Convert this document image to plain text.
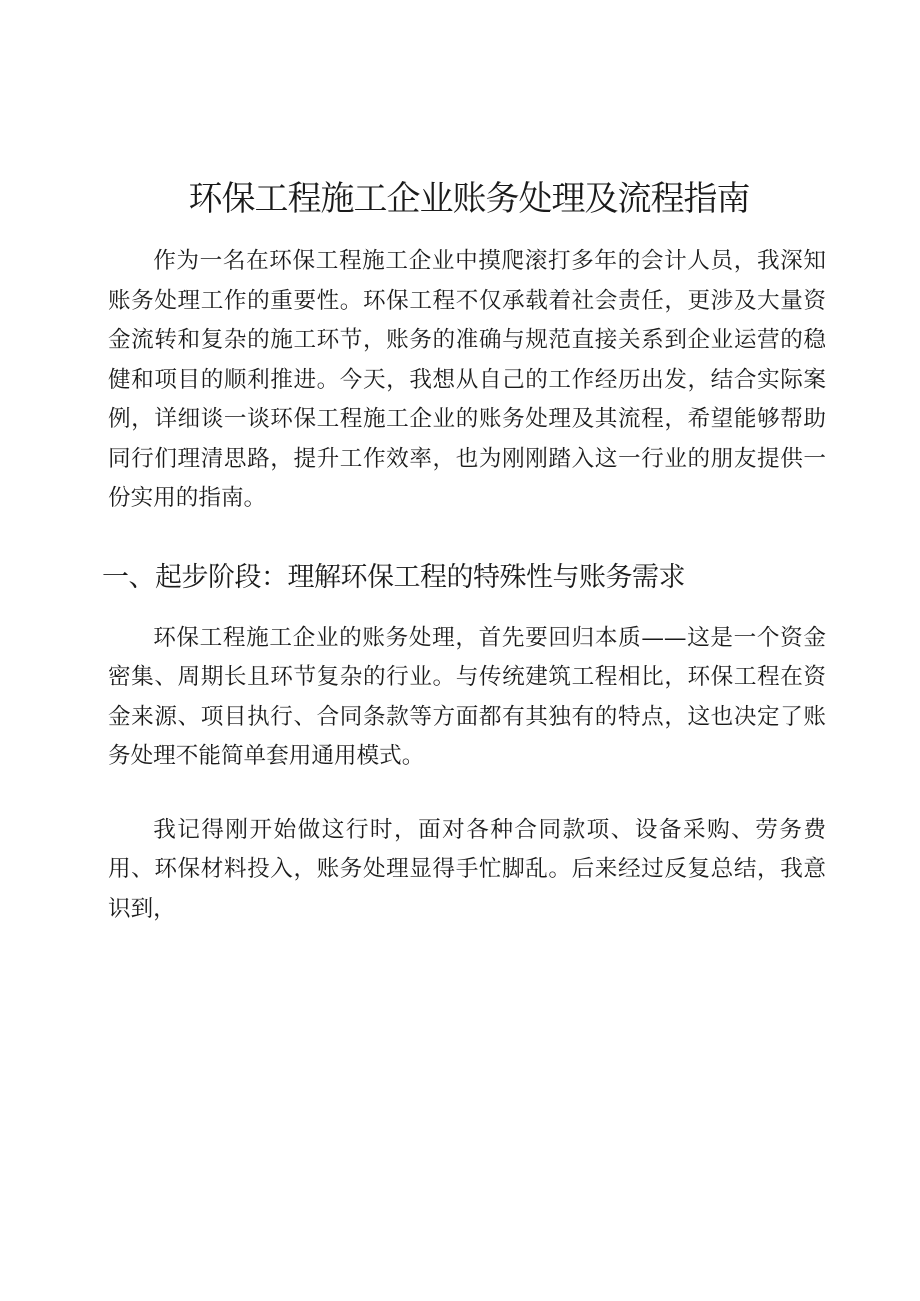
环保工程施工企业账务处理及流程指南

作为一名在环保工程施工企业中摸爬滚打多年的会计人员，我深知账务处理工作的重要性。环保工程不仅承载着社会责任，更涉及大量资金流转和复杂的施工环节，账务的准确与规范直接关系到企业运营的稳健和项目的顺利推进。今天，我想从自己的工作经历出发，结合实际案例，详细谈一谈环保工程施工企业的账务处理及其流程，希望能够帮助同行们理清思路，提升工作效率，也为刚刚踏入这一行业的朋友提供一份实用的指南。

一、起步阶段：理解环保工程的特殊性与账务需求

环保工程施工企业的账务处理，首先要回归本质——这是一个资金密集、周期长且环节复杂的行业。与传统建筑工程相比，环保工程在资金来源、项目执行、合同条款等方面都有其独有的特点，这也决定了账务处理不能简单套用通用模式。

我记得刚开始做这行时，面对各种合同款项、设备采购、劳务费用、环保材料投入，账务处理显得手忙脚乱。后来经过反复总结，我意识到，
